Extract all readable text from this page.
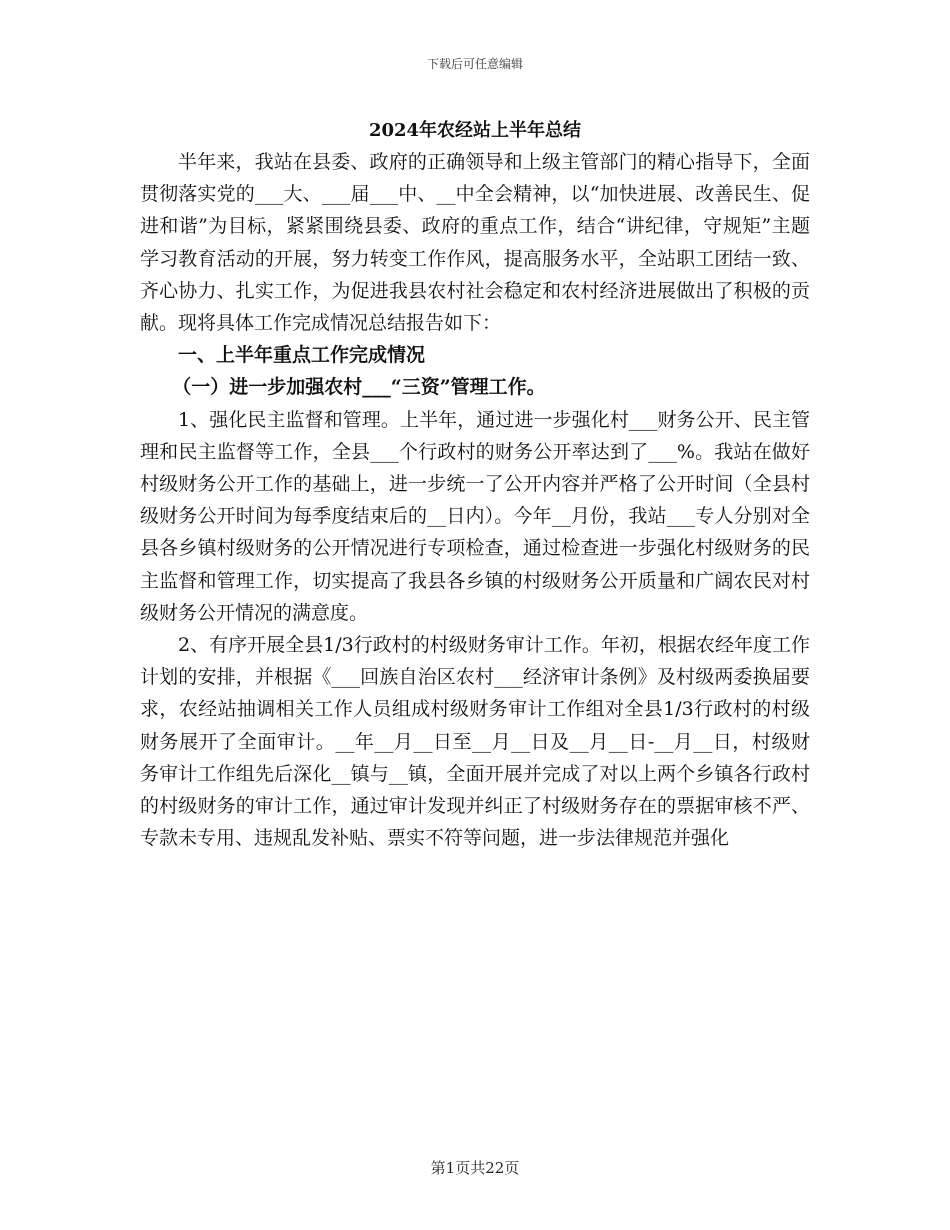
下载后可任意编辑
2024年农经站上半年总结

半年来，我站在县委、政府的正确领导和上级主管部门的精心指导下，全面贯彻落实党的___大、___届___中、__中全会精神，以“加快进展、改善民生、促进和谐”为目标，紧紧围绕县委、政府的重点工作，结合“讲纪律，守规矩”主题学习教育活动的开展，努力转变工作作风，提高服务水平，全站职工团结一致、齐心协力、扎实工作，为促进我县农村社会稳定和农村经济进展做出了积极的贡献。现将具体工作完成情况总结报告如下：

一、上半年重点工作完成情况

（一）进一步加强农村___“三资”管理工作。

1、强化民主监督和管理。上半年，通过进一步强化村___财务公开、民主管理和民主监督等工作，全县___个行政村的财务公开率达到了___%。我站在做好村级财务公开工作的基础上，进一步统一了公开内容并严格了公开时间（全县村级财务公开时间为每季度结束后的__日内）。今年__月份，我站___专人分别对全县各乡镇村级财务的公开情况进行专项检查，通过检查进一步强化村级财务的民主监督和管理工作，切实提高了我县各乡镇的村级财务公开质量和广阔农民对村级财务公开情况的满意度。

2、有序开展全县1/3行政村的村级财务审计工作。年初，根据农经年度工作计划的安排，并根据《___回族自治区农村___经济审计条例》及村级两委换届要求，农经站抽调相关工作人员组成村级财务审计工作组对全县1/3行政村的村级财务展开了全面审计。__年__月__日至__月__日及__月__日-__月__日，村级财务审计工作组先后深化__镇与__镇，全面开展并完成了对以上两个乡镇各行政村的村级财务的审计工作，通过审计发现并纠正了村级财务存在的票据审核不严、专款未专用、违规乱发补贴、票实不符等问题，进一步法律规范并强化

第1页共22页
